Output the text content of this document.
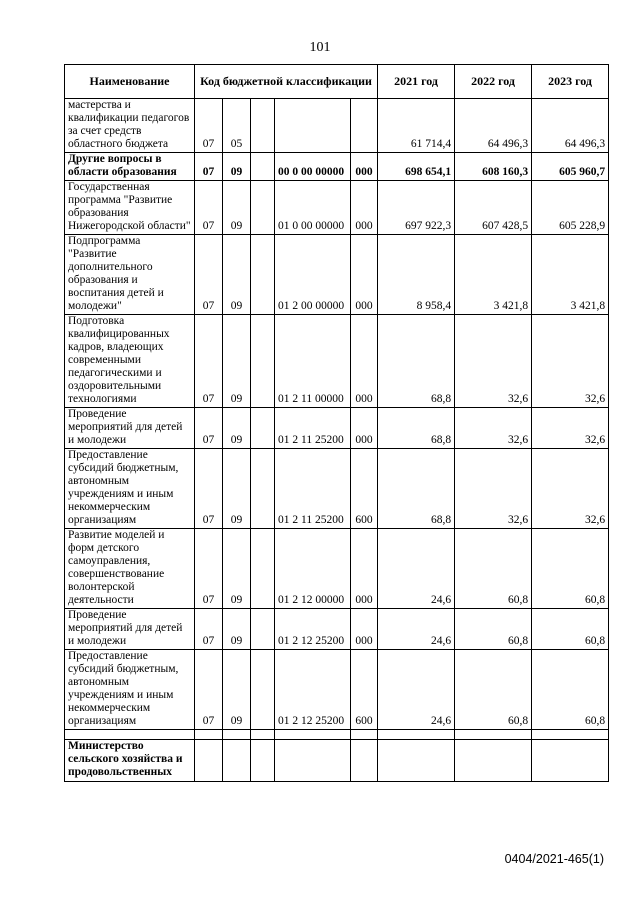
101
Наименование	Код бюджетной классификации					2021 год	2022 год	2023 год
мастерства и квалификации педагогов за счет средств областного бюджета	07	05				61 714,4	64 496,3	64 496,3
Другие вопросы в области образования	07	09		00 0 00 00000	000	698 654,1	608 160,3	605 960,7
Государственная программа "Развитие образования Нижегородской области"	07	09		01 0 00 00000	000	697 922,3	607 428,5	605 228,9
Подпрограмма "Развитие дополнительного образования и воспитания детей и молодежи"	07	09		01 2 00 00000	000	8 958,4	3 421,8	3 421,8
Подготовка квалифицированных кадров, владеющих современными педагогическими и оздоровительными технологиями	07	09		01 2 11 00000	000	68,8	32,6	32,6
Проведение мероприятий для детей и молодежи	07	09		01 2 11 25200	000	68,8	32,6	32,6
Предоставление субсидий бюджетным, автономным учреждениям и иным некоммерческим организациям	07	09		01 2 11 25200	600	68,8	32,6	32,6
Развитие моделей и форм детского самоуправления, совершенствование волонтерской деятельности	07	09		01 2 12 00000	000	24,6	60,8	60,8
Проведение мероприятий для детей и молодежи	07	09		01 2 12 25200	000	24,6	60,8	60,8
Предоставление субсидий бюджетным, автономным учреждениям и иным некоммерческим организациям	07	09		01 2 12 25200	600	24,6	60,8	60,8

Министерство сельского хозяйства и продовольственных								
0404/2021-465(1)
